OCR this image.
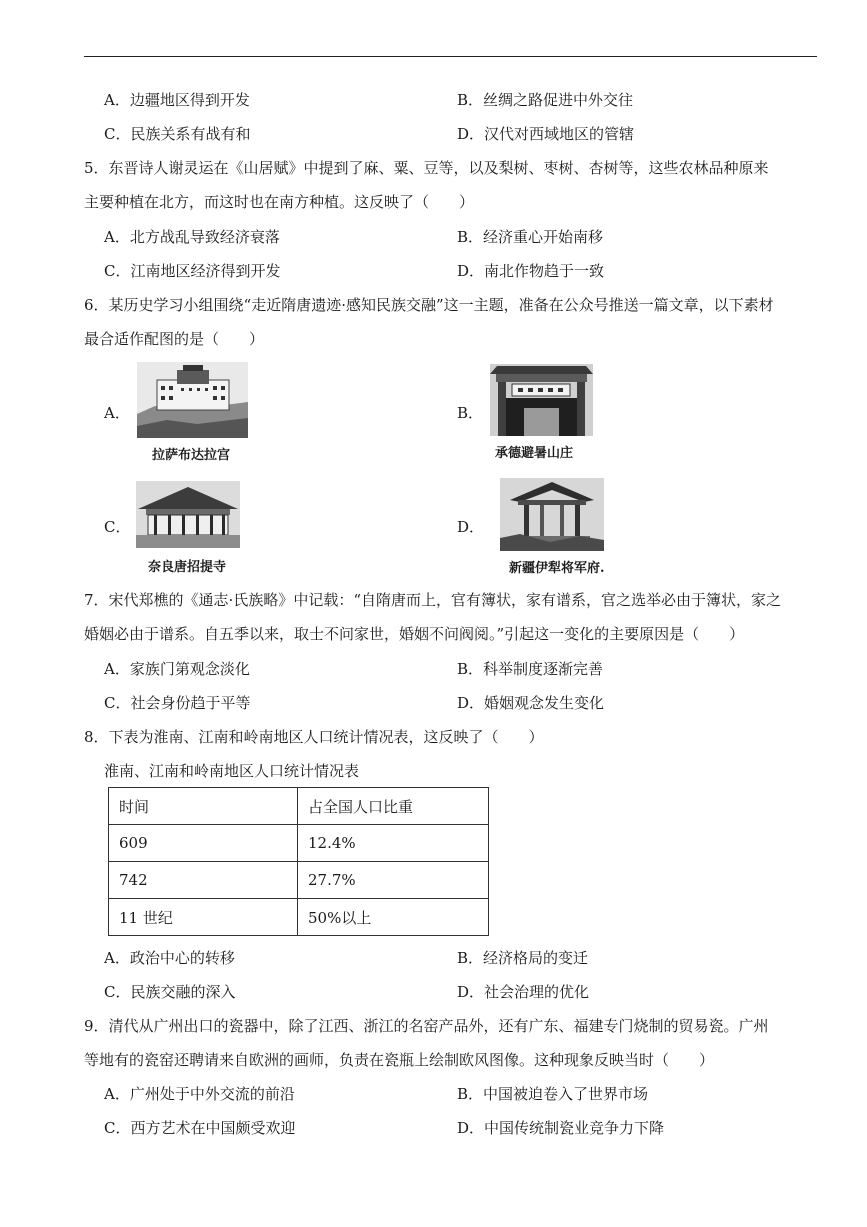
A．边疆地区得到开发	B．丝绸之路促进中外交往
C．民族关系有战有和	D．汉代对西域地区的管辖
5．东晋诗人谢灵运在《山居赋》中提到了麻、粟、豆等，以及梨树、枣树、杏树等，这些农林品种原来
主要种植在北方，而这时也在南方种植。这反映了（　　）
A．北方战乱导致经济衰落	B．经济重心开始南移
C．江南地区经济得到开发	D．南北作物趋于一致
6．某历史学习小组围绕“走近隋唐遗迹·感知民族交融”这一主题，准备在公众号推送一篇文章，以下素材
最合适作配图的是（　　）
A．
拉萨布达拉宫
B．
承德避暑山庄
C．
奈良唐招提寺
D．
新疆伊犁将军府.
7．宋代郑樵的《通志·氏族略》中记载：“自隋唐而上，官有簿状，家有谱系，官之选举必由于簿状，家之
婚姻必由于谱系。自五季以来，取士不问家世，婚姻不问阀阅。”引起这一变化的主要原因是（　　）
A．家族门第观念淡化	B．科举制度逐渐完善
C．社会身份趋于平等	D．婚姻观念发生变化
8．下表为淮南、江南和岭南地区人口统计情况表，这反映了（　　）
淮南、江南和岭南地区人口统计情况表
时间	占全国人口比重
609	12.4%
742	27.7%
11 世纪	50%以上
A．政治中心的转移	B．经济格局的变迁
C．民族交融的深入	D．社会治理的优化
9．清代从广州出口的瓷器中，除了江西、浙江的名窑产品外，还有广东、福建专门烧制的贸易瓷。广州
等地有的瓷窑还聘请来自欧洲的画师，负责在瓷瓶上绘制欧风图像。这种现象反映当时（　　）
A．广州处于中外交流的前沿	B．中国被迫卷入了世界市场
C．西方艺术在中国颇受欢迎	D．中国传统制瓷业竞争力下降
